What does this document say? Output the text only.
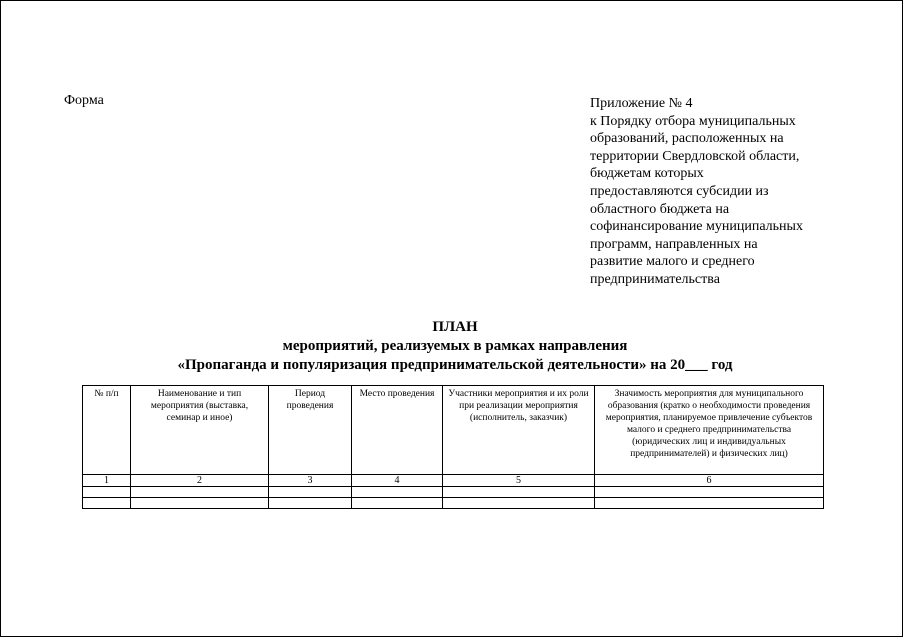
Форма	Приложение № 4
к Порядку отбора муниципальных
образований, расположенных на
территории Свердловской области,
бюджетам которых
предоставляются субсидии из
областного бюджета на
софинансирование муниципальных
программ, направленных на
развитие малого и среднего
предпринимательства
ПЛАН
мероприятий, реализуемых в рамках направления
«Пропаганда и популяризация предпринимательской деятельности» на 20___ год
№ п/п	Наименование и тип мероприятия (выставка, семинар и иное)	Период проведения	Место проведения	Участники мероприятия и их роли при реализации мероприятия (исполнитель, заказчик)	Значимость мероприятия для муниципального образования (кратко о необходимости проведения мероприятия, планируемое привлечение субъектов малого и среднего предпринимательства (юридических лиц и индивидуальных предпринимателей) и физических лиц)
1	2	3	4	5	6
